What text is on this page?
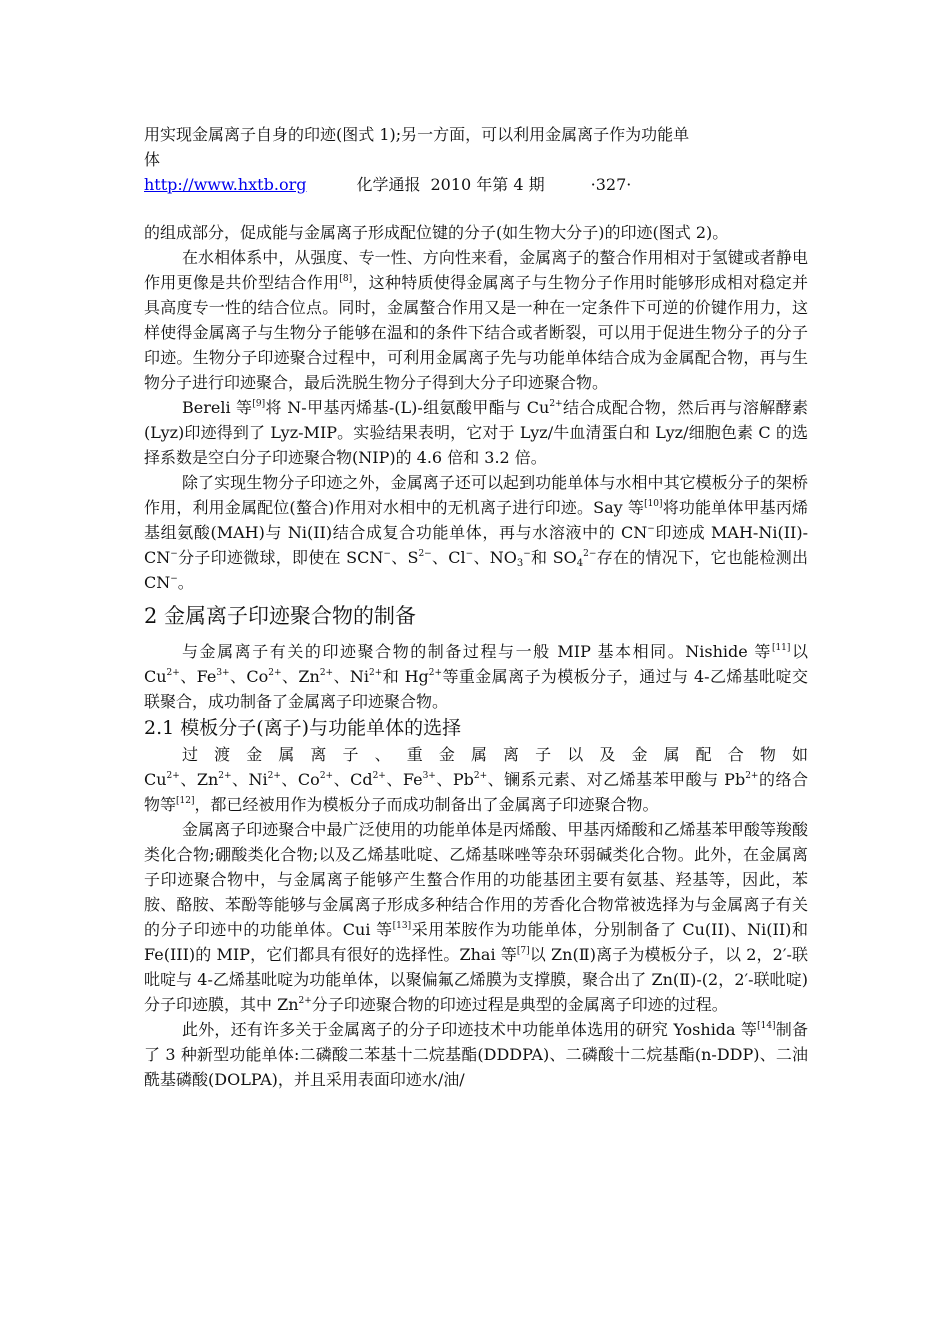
用实现金属离子自身的印迹(图式 1);另一方面，可以利用金属离子作为功能单
体

http://www.hxtb.org	化学通报 2010 年第 4 期	·327·

的组成部分，促成能与金属离子形成配位键的分子(如生物大分子)的印迹(图式 2)。

在水相体系中，从强度、专一性、方向性来看，金属离子的螯合作用相对于氢键或者静电作用更像是共价型结合作用[8]，这种特质使得金属离子与生物分子作用时能够形成相对稳定并具高度专一性的结合位点。同时，金属螯合作用又是一种在一定条件下可逆的价键作用力，这样使得金属离子与生物分子能够在温和的条件下结合或者断裂，可以用于促进生物分子的分子印迹。生物分子印迹聚合过程中，可利用金属离子先与功能单体结合成为金属配合物，再与生物分子进行印迹聚合，最后洗脱生物分子得到大分子印迹聚合物。

Bereli 等[9]将 N-甲基丙烯基-(L)-组氨酸甲酯与 $Cu^{2+}$结合成配合物，然后再与溶解酵素(Lyz)印迹得到了 Lyz-MIP。实验结果表明，它对于 Lyz/牛血清蛋白和 Lyz/细胞色素 C 的选择系数是空白分子印迹聚合物(NIP)的 4.6 倍和 3.2 倍。

除了实现生物分子印迹之外，金属离子还可以起到功能单体与水相中其它模板分子的架桥作用，利用金属配位(螯合)作用对水相中的无机离子进行印迹。Say 等[10]将功能单体甲基丙烯基组氨酸(MAH)与 Ni(II)结合成复合功能单体，再与水溶液中的 CN−印迹成 MAH-Ni(II)-CN−分子印迹微球，即使在 SCN−、$S^{2-}$、Cl−、$NO_3^-$和 $SO_4^{2-}$存在的情况下，它也能检测出 CN−。

2 金属离子印迹聚合物的制备

与金属离子有关的印迹聚合物的制备过程与一般 MIP 基本相同。Nishide 等[11]以 $Cu^{2+}$、$Fe^{3+}$、$Co^{2+}$、$Zn^{2+}$、$Ni^{2+}$和 $Hg^{2+}$等重金属离子为模板分子，通过与 4-乙烯基吡啶交联聚合，成功制备了金属离子印迹聚合物。

2.1 模板分子(离子)与功能单体的选择

过渡金属离子、重金属离子以及金属配合物如

$Cu^{2+}$、$Zn^{2+}$、$Ni^{2+}$、$Co^{2+}$、$Cd^{2+}$、$Fe^{3+}$、$Pb^{2+}$、镧系元素、对乙烯基苯甲酸与 $Pb^{2+}$的络合物等[12]，都已经被用作为模板分子而成功制备出了金属离子印迹聚合物。

金属离子印迹聚合中最广泛使用的功能单体是丙烯酸、甲基丙烯酸和乙烯基苯甲酸等羧酸类化合物;硼酸类化合物;以及乙烯基吡啶、乙烯基咪唑等杂环弱碱类化合物。此外，在金属离子印迹聚合物中，与金属离子能够产生螯合作用的功能基团主要有氨基、羟基等，因此，苯胺、酪胺、苯酚等能够与金属离子形成多种结合作用的芳香化合物常被选择为与金属离子有关的分子印迹中的功能单体。Cui 等[13]采用苯胺作为功能单体，分别制备了 Cu(II)、Ni(II)和 Fe(III)的 MIP，它们都具有很好的选择性。Zhai 等[7]以 Zn(Ⅱ)离子为模板分子，以 2，2′-联吡啶与 4-乙烯基吡啶为功能单体，以聚偏氟乙烯膜为支撑膜，聚合出了 Zn(Ⅱ)-(2，2′-联吡啶)分子印迹膜，其中 $Zn^{2+}$分子印迹聚合物的印迹过程是典型的金属离子印迹的过程。

此外，还有许多关于金属离子的分子印迹技术中功能单体选用的研究 Yoshida 等[14]制备了 3 种新型功能单体:二磷酸二苯基十二烷基酯(DDDPA)、二磷酸十二烷基酯(n-DDP)、二油酰基磷酸(DOLPA)，并且采用表面印迹水/油/
